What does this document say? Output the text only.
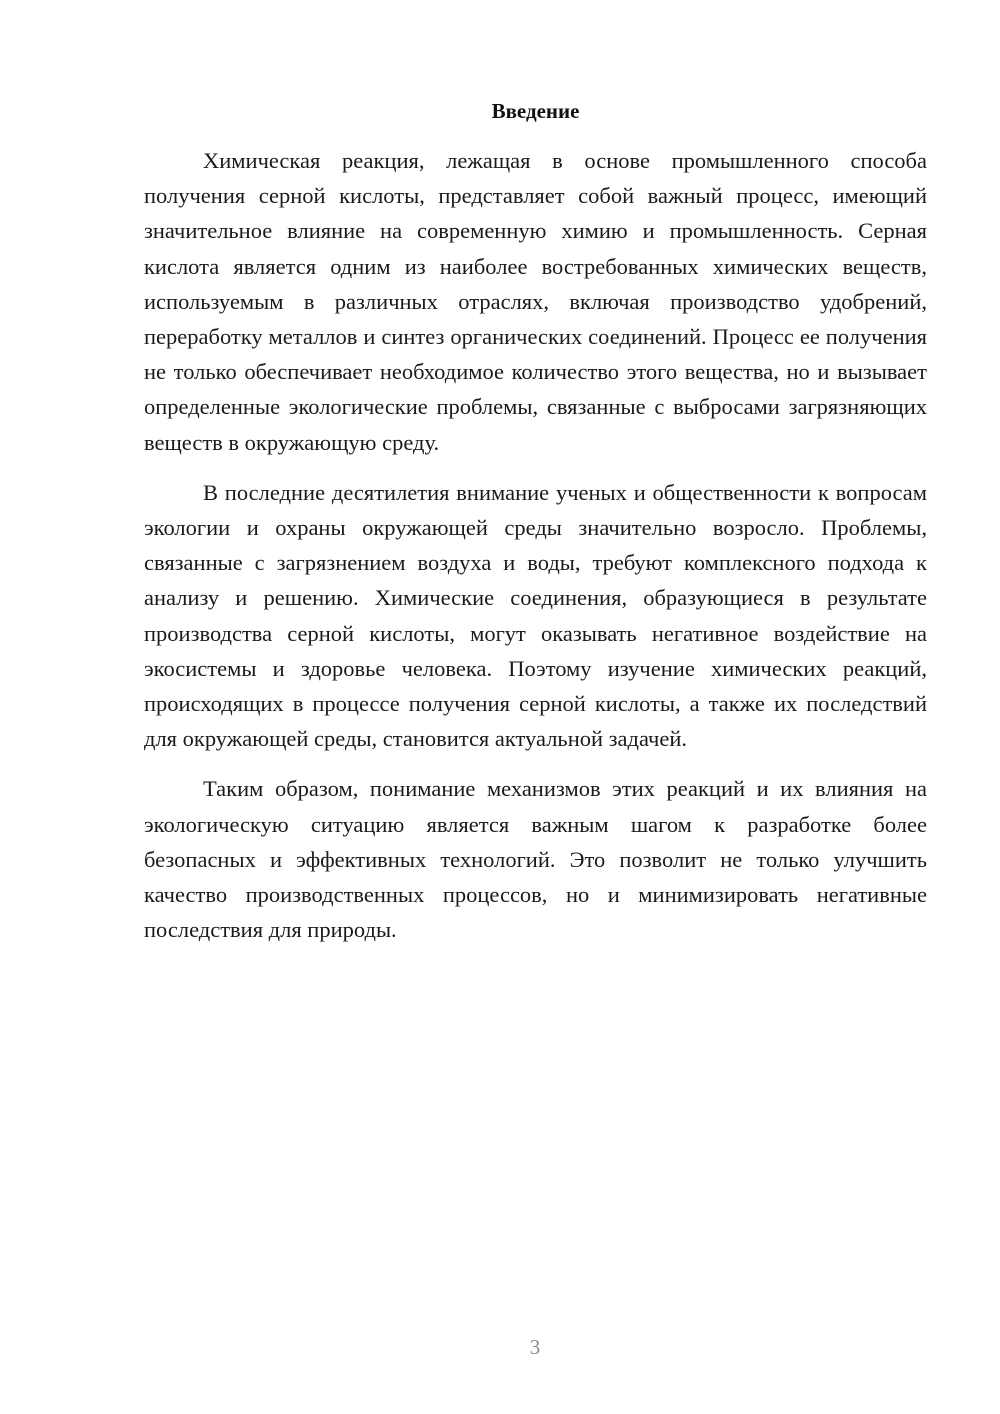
Введение

Химическая реакция, лежащая в основе промышленного способа получения серной кислоты, представляет собой важный процесс, имеющий значительное влияние на современную химию и промышленность. Серная кислота является одним из наиболее востребованных химических веществ, используемым в различных отраслях, включая производство удобрений, переработку металлов и синтез органических соединений. Процесс ее получения не только обеспечивает необходимое количество этого вещества, но и вызывает определенные экологические проблемы, связанные с выбросами загрязняющих веществ в окружающую среду.

В последние десятилетия внимание ученых и общественности к вопросам экологии и охраны окружающей среды значительно возросло. Проблемы, связанные с загрязнением воздуха и воды, требуют комплексного подхода к анализу и решению. Химические соединения, образующиеся в результате производства серной кислоты, могут оказывать негативное воздействие на экосистемы и здоровье человека. Поэтому изучение химических реакций, происходящих в процессе получения серной кислоты, а также их последствий для окружающей среды, становится актуальной задачей.

Таким образом, понимание механизмов этих реакций и их влияния на экологическую ситуацию является важным шагом к разработке более безопасных и эффективных технологий. Это позволит не только улучшить качество производственных процессов, но и минимизировать негативные последствия для природы.

3
